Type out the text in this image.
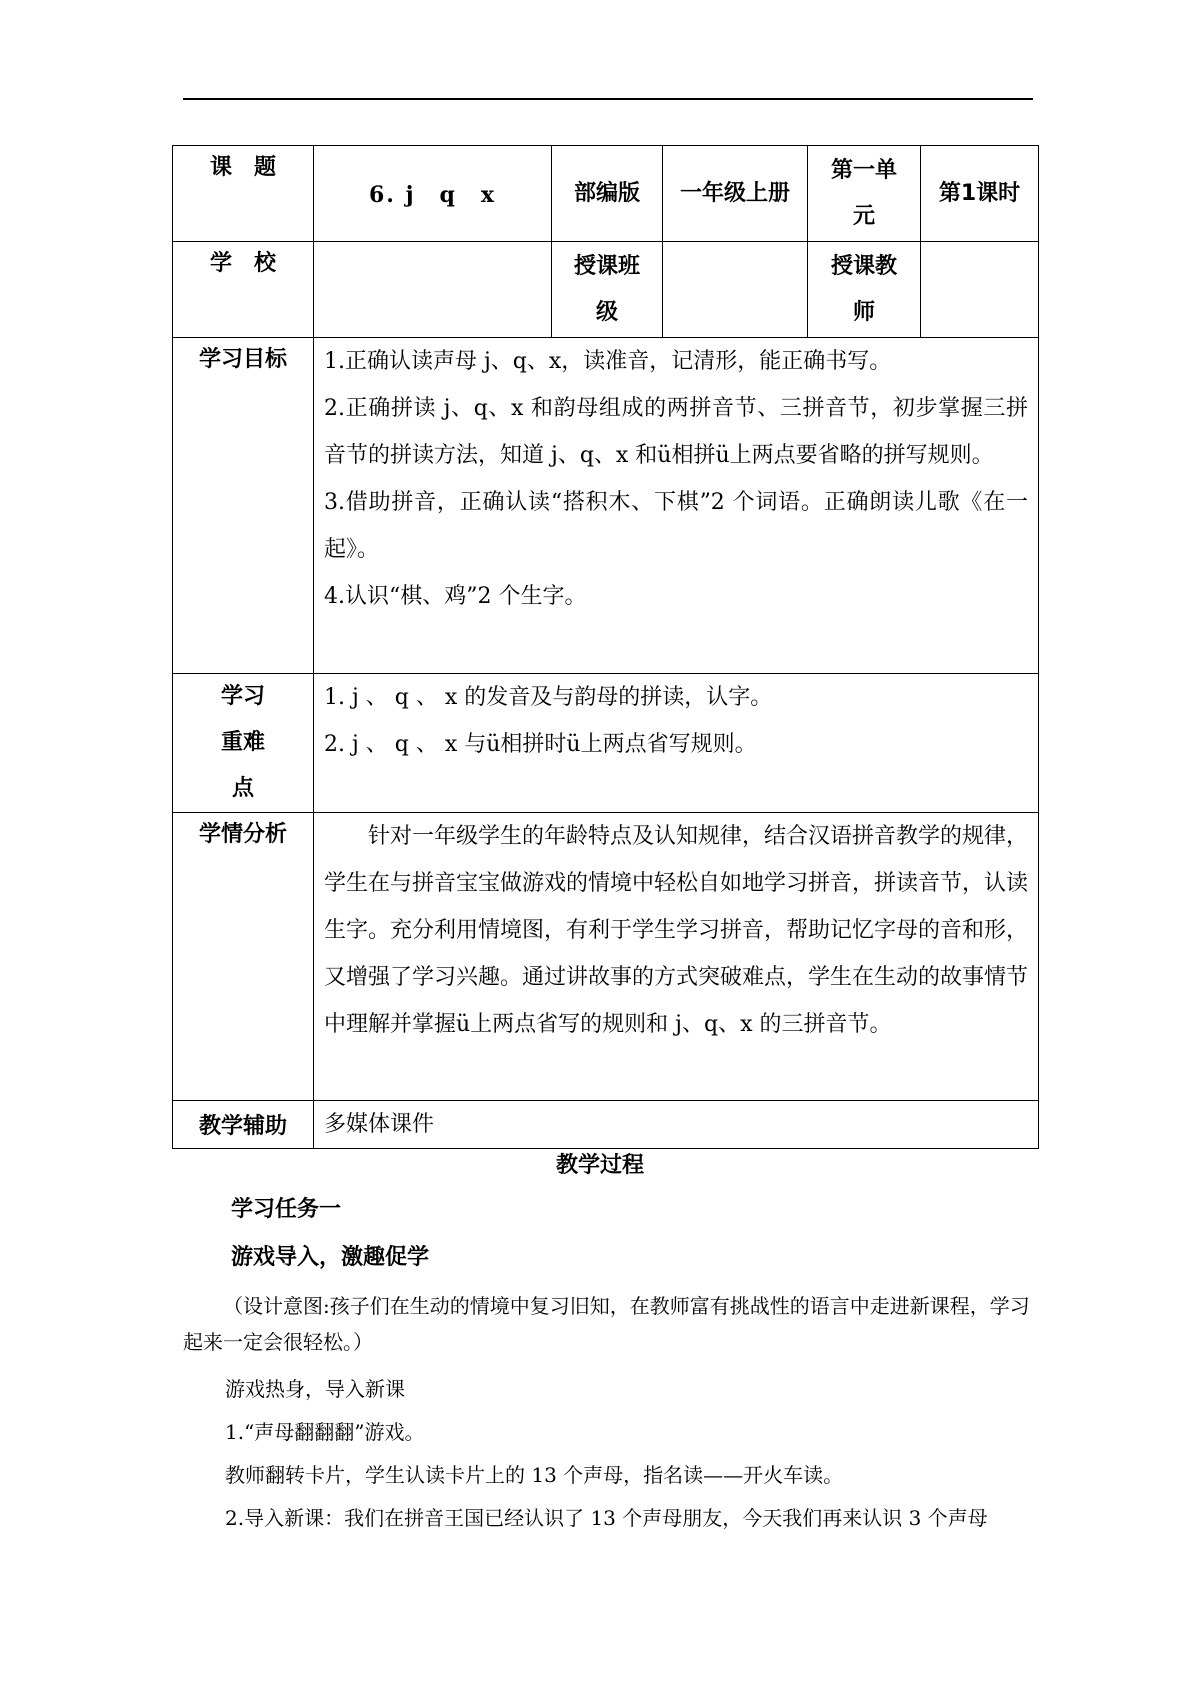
课题	6. j　q　x	部编版	一年级上册	第一单元	第1课时
学校		授课班级		授课教师	
学习目标	1.正确认读声母 j、q、x，读准音，记清形，能正确书写。

2.正确拼读 j、q、x 和韵母组成的两拼音节、三拼音节，初步掌握三拼音节的拼读方法，知道 j、q、x 和ü相拼ü上两点要省略的拼写规则。

3.借助拼音，正确认读“搭积木、下棋”2 个词语。正确朗读儿歌《在一起》。

4.认识“棋、鸡”2 个生字。				

学习重难点	1. j 、 q 、 x 的发音及与韵母的拼读，认字。

2. j 、 q 、 x 与ü相拼时ü上两点省写规则。				

学情分析	针对一年级学生的年龄特点及认知规律，结合汉语拼音教学的规律，学生在与拼音宝宝做游戏的情境中轻松自如地学习拼音，拼读音节，认读生字。充分利用情境图，有利于学生学习拼音，帮助记忆字母的音和形，又增强了学习兴趣。通过讲故事的方式突破难点，学生在生动的故事情节中理解并掌握ü上两点省写的规则和 j、q、x 的三拼音节。				

教学辅助	多媒体课件				
教学过程
学习任务一
游戏导入，激趣促学
（设计意图:孩子们在生动的情境中复习旧知，在教师富有挑战性的语言中走进新课程，学习起来一定会很轻松。）
游戏热身，导入新课
1.“声母翻翻翻”游戏。
教师翻转卡片，学生认读卡片上的 13 个声母，指名读——开火车读。
2.导入新课：我们在拼音王国已经认识了 13 个声母朋友，今天我们再来认识 3 个声母
